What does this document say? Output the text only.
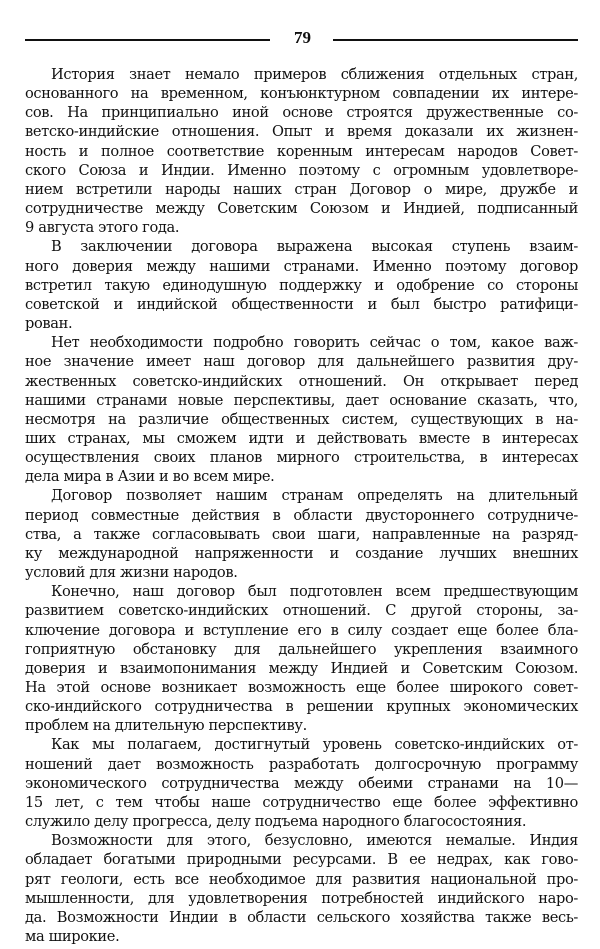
79
История знает немало примеров сближения отдельных стран,
основанного на временном, конъюнктурном совпадении их интере-
сов. На принципиально иной основе строятся дружественные со-
ветско-индийские отношения. Опыт и время доказали их жизнен-
ность и полное соответствие коренным интересам народов Совет-
ского Союза и Индии. Именно поэтому с огромным удовлетворе-
нием встретили народы наших стран Договор о мире, дружбе и
сотрудничестве между Советским Союзом и Индией, подписанный
9 августа этого года.
В заключении договора выражена высокая ступень взаим-
ного доверия между нашими странами. Именно поэтому договор
встретил такую единодушную поддержку и одобрение со стороны
советской и индийской общественности и был быстро ратифици-
рован.
Нет необходимости подробно говорить сейчас о том, какое важ-
ное значение имеет наш договор для дальнейшего развития дру-
жественных советско-индийских отношений. Он открывает перед
нашими странами новые перспективы, дает основание сказать, что,
несмотря на различие общественных систем, существующих в на-
ших странах, мы сможем идти и действовать вместе в интересах
осуществления своих планов мирного строительства, в интересах
дела мира в Азии и во всем мире.
Договор позволяет нашим странам определять на длительный
период совместные действия в области двустороннего сотрудниче-
ства, а также согласовывать свои шаги, направленные на разряд-
ку международной напряженности и создание лучших внешних
условий для жизни народов.
Конечно, наш договор был подготовлен всем предшествующим
развитием советско-индийских отношений. С другой стороны, за-
ключение договора и вступление его в силу создает еще более бла-
гоприятную обстановку для дальнейшего укрепления взаимного
доверия и взаимопонимания между Индией и Советским Союзом.
На этой основе возникает возможность еще более широкого совет-
ско-индийского сотрудничества в решении крупных экономических
проблем на длительную перспективу.
Как мы полагаем, достигнутый уровень советско-индийских от-
ношений дает возможность разработать долгосрочную программу
экономического сотрудничества между обеими странами на 10—
15 лет, с тем чтобы наше сотрудничество еще более эффективно
служило делу прогресса, делу подъема народного благосостояния.
Возможности для этого, безусловно, имеются немалые. Индия
обладает богатыми природными ресурсами. В ее недрах, как гово-
рят геологи, есть все необходимое для развития национальной про-
мышленности, для удовлетворения потребностей индийского наро-
да. Возможности Индии в области сельского хозяйства также весь-
ма широкие.
